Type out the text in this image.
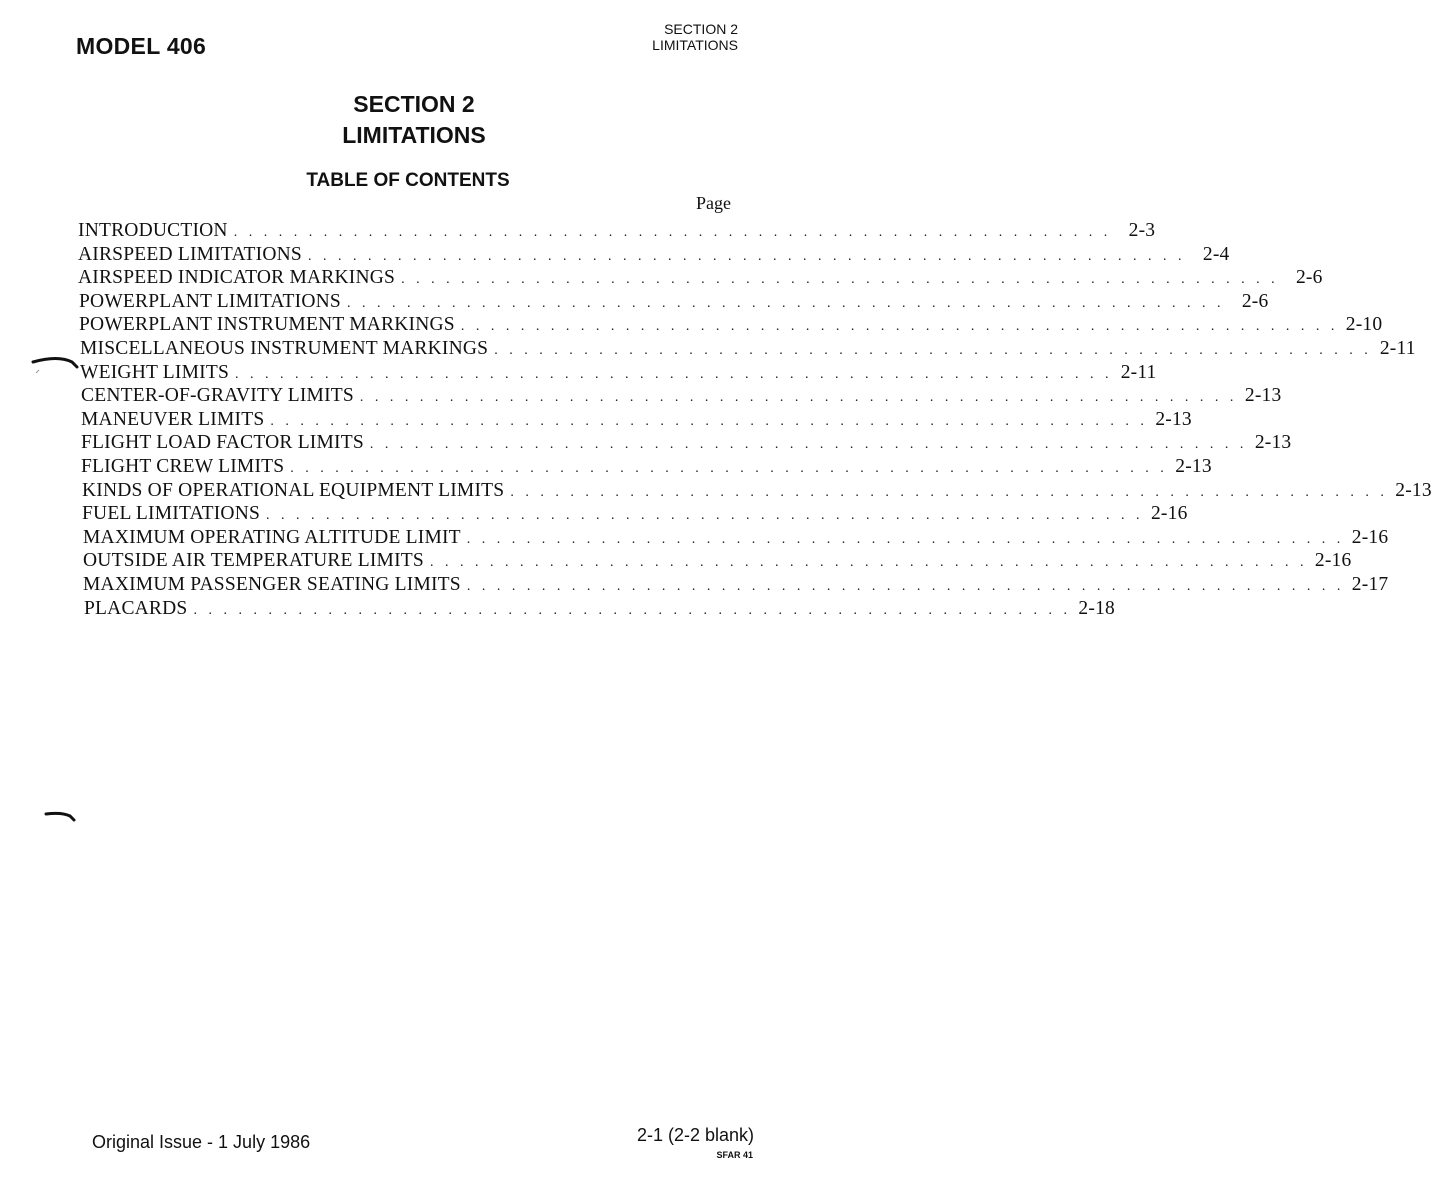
MODEL 406
SECTION 2
LIMITATIONS
SECTION 2
LIMITATIONS
TABLE OF CONTENTS
Page
INTRODUCTION . . . . . . . . . . . . . . . . . . . . . . . . . . . . . . . . . . . . . . . . . . . . . . . . . . . . . . . . . . . 2-3
AIRSPEED LIMITATIONS . . . . . . . . . . . . . . . . . . . . . . . . . . . . . . . . . . . . . . . . . . . . . . . . . . . . . . . . . . . 2-4
AIRSPEED INDICATOR MARKINGS . . . . . . . . . . . . . . . . . . . . . . . . . . . . . . . . . . . . . . . . . . . . . . . . . . . . . . . . . . . 2-6
POWERPLANT LIMITATIONS . . . . . . . . . . . . . . . . . . . . . . . . . . . . . . . . . . . . . . . . . . . . . . . . . . . . . . . . . . . 2-6
POWERPLANT INSTRUMENT MARKINGS . . . . . . . . . . . . . . . . . . . . . . . . . . . . . . . . . . . . . . . . . . . . . . . . . . . . . . . . . . . 2-10
MISCELLANEOUS INSTRUMENT MARKINGS . . . . . . . . . . . . . . . . . . . . . . . . . . . . . . . . . . . . . . . . . . . . . . . . . . . . . . . . . . . 2-11
WEIGHT LIMITS . . . . . . . . . . . . . . . . . . . . . . . . . . . . . . . . . . . . . . . . . . . . . . . . . . . . . . . . . . . 2-11
CENTER-OF-GRAVITY LIMITS . . . . . . . . . . . . . . . . . . . . . . . . . . . . . . . . . . . . . . . . . . . . . . . . . . . . . . . . . . . 2-13
MANEUVER LIMITS . . . . . . . . . . . . . . . . . . . . . . . . . . . . . . . . . . . . . . . . . . . . . . . . . . . . . . . . . . . 2-13
FLIGHT LOAD FACTOR LIMITS . . . . . . . . . . . . . . . . . . . . . . . . . . . . . . . . . . . . . . . . . . . . . . . . . . . . . . . . . . . 2-13
FLIGHT CREW LIMITS . . . . . . . . . . . . . . . . . . . . . . . . . . . . . . . . . . . . . . . . . . . . . . . . . . . . . . . . . . . 2-13
KINDS OF OPERATIONAL EQUIPMENT LIMITS . . . . . . . . . . . . . . . . . . . . . . . . . . . . . . . . . . . . . . . . . . . . . . . . . . . . . . . . . . . 2-13
FUEL LIMITATIONS . . . . . . . . . . . . . . . . . . . . . . . . . . . . . . . . . . . . . . . . . . . . . . . . . . . . . . . . . . . 2-16
MAXIMUM OPERATING ALTITUDE LIMIT . . . . . . . . . . . . . . . . . . . . . . . . . . . . . . . . . . . . . . . . . . . . . . . . . . . . . . . . . . . 2-16
OUTSIDE AIR TEMPERATURE LIMITS . . . . . . . . . . . . . . . . . . . . . . . . . . . . . . . . . . . . . . . . . . . . . . . . . . . . . . . . . . . 2-16
MAXIMUM PASSENGER SEATING LIMITS . . . . . . . . . . . . . . . . . . . . . . . . . . . . . . . . . . . . . . . . . . . . . . . . . . . . . . . . . . . 2-17
PLACARDS . . . . . . . . . . . . . . . . . . . . . . . . . . . . . . . . . . . . . . . . . . . . . . . . . . . . . . . . . . . 2-18
Original Issue - 1 July 1986	2-1 (2-2 blank)
SFAR 41
